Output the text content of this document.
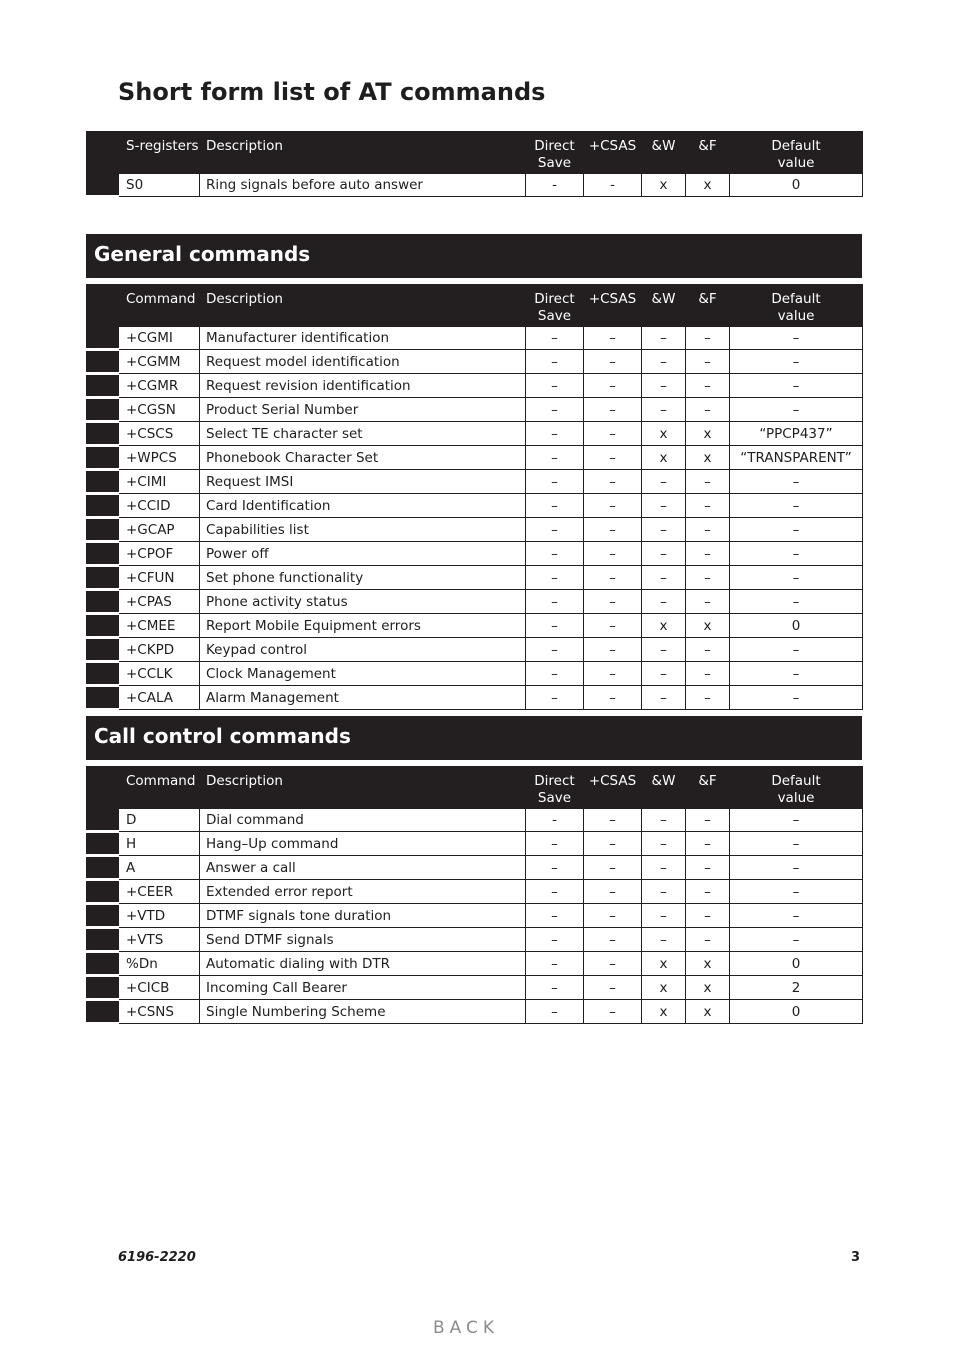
Short form list of AT commands
	S-registers	Description	Direct
Save	+CSAS	&W	&F	Default
value
	S0	Ring signals before auto answer	-	-	x	x	0
General commands
	Command	Description	Direct
Save	+CSAS	&W	&F	Default
value
	+CGMI	Manufacturer identification	–	–	–	–	–
	+CGMM	Request model identification	–	–	–	–	–
	+CGMR	Request revision identification	–	–	–	–	–
	+CGSN	Product Serial Number	–	–	–	–	–
	+CSCS	Select TE character set	–	–	x	x	“PPCP437”
	+WPCS	Phonebook Character Set	–	–	x	x	“TRANSPARENT”
	+CIMI	Request IMSI	–	–	–	–	–
	+CCID	Card Identification	–	–	–	–	–
	+GCAP	Capabilities list	–	–	–	–	–
	+CPOF	Power off	–	–	–	–	–
	+CFUN	Set phone functionality	–	–	–	–	–
	+CPAS	Phone activity status	–	–	–	–	–
	+CMEE	Report Mobile Equipment errors	–	–	x	x	0
	+CKPD	Keypad control	–	–	–	–	–
	+CCLK	Clock Management	–	–	–	–	–
	+CALA	Alarm Management	–	–	–	–	–
Call control commands
	Command	Description	Direct
Save	+CSAS	&W	&F	Default
value
	D	Dial command	-	–	–	–	–
	H	Hang–Up command	–	–	–	–	–
	A	Answer a call	–	–	–	–	–
	+CEER	Extended error report	–	–	–	–	–
	+VTD	DTMF signals tone duration	–	–	–	–	–
	+VTS	Send DTMF signals	–	–	–	–	–
	%Dn	Automatic dialing with DTR	–	–	x	x	0
	+CICB	Incoming Call Bearer	–	–	x	x	2
	+CSNS	Single Numbering Scheme	–	–	x	x	0
6196-2220	3
BACK
